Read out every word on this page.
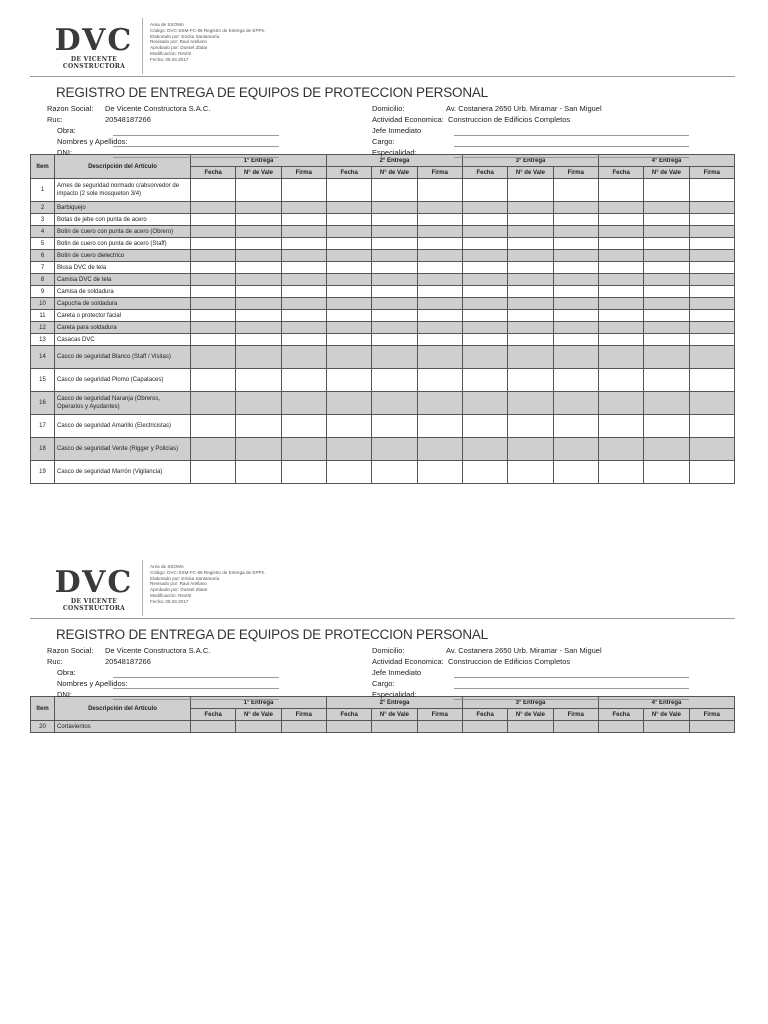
DVC
DE VICENTE CONSTRUCTORA
Area de SSOMA
Código: DVC-SSM-FC-66 Registro de Entrega de EPPs.
Elaborado por: Ericka Santamaría
Revisado por: Raul Arellano
Aprobado por: Dussel Zlatar
Modificación: Rev02
Fecha: 05.03.2017
REGISTRO DE ENTREGA DE EQUIPOS DE PROTECCION PERSONAL
Razon Social: De Vicente Constructora S.A.C.
Ruc:	20548187266
Obra:
Nombres y Apellidos:
DNI:
Domicilio:	Av. Costanera 2650 Urb. Miramar - San Miguel
Actividad Economica: Construccion de Edificios Completos
Jefe Inmediato
Cargo:
Especialidad:
Item	Descripción del Artículo	1° Entrega			2° Entrega			3° Entrega			4° Entrega		
		Fecha	N° de Vale	Firma	Fecha	N° de Vale	Firma	Fecha	N° de Vale	Firma	Fecha	N° de Vale	Firma
1	Arnes de seguridad normado c/absorvedor de impacto (2 sole mosqueton 3/4)												
2	Barbiquejo												
3	Botas de jebe con punta de acero												
4	Botin de cuero con punta de acero (Obrero)												
5	Botin de cuero con punta de acero (Staff)												
6	Botin de cuero dielectrico												
7	Blusa DVC de tela												
8	Camisa DVC de tela												
9	Camisa de soldadura												
10	Capucha de soldadura												
11	Careta o protector facial												
12	Careta para soldadura												
13	Casacas DVC												
14	Casco de seguridad Blanco (Staff / Visitas)												
15	Casco de seguridad Plomo (Capataces)												
16	Casco de seguridad Naranja (Obreros, Operarios y Ayudantes)												
17	Casco de seguridad Amarillo (Electricistas)												
18	Casco de seguridad Verde (Rigger y Policias)												
19	Casco de seguridad Marrón (Vigilancia)												
DVC
DE VICENTE CONSTRUCTORA
Area de SSOMA
Código: DVC-SSM-FC-66 Registro de Entrega de EPPs.
Elaborado por: Ericka Santamaría
Revisado por: Raul Arellano
Aprobado por: Dussel Zlatar
Modificación: Rev02
Fecha: 05.03.2017
REGISTRO DE ENTREGA DE EQUIPOS DE PROTECCION PERSONAL
Razon Social: De Vicente Constructora S.A.C.
Ruc:	20548187266
Obra:
Nombres y Apellidos:
DNI:
Domicilio:	Av. Costanera 2650 Urb. Miramar - San Miguel
Actividad Economica: Construccion de Edificios Completos
Jefe Inmediato
Cargo:
Especialidad:
Item	Descripción del Artículo	1° Entrega			2° Entrega			3° Entrega			4° Entrega		
		Fecha	N° de Vale	Firma	Fecha	N° de Vale	Firma	Fecha	N° de Vale	Firma	Fecha	N° de Vale	Firma
20	Cortavientos												
